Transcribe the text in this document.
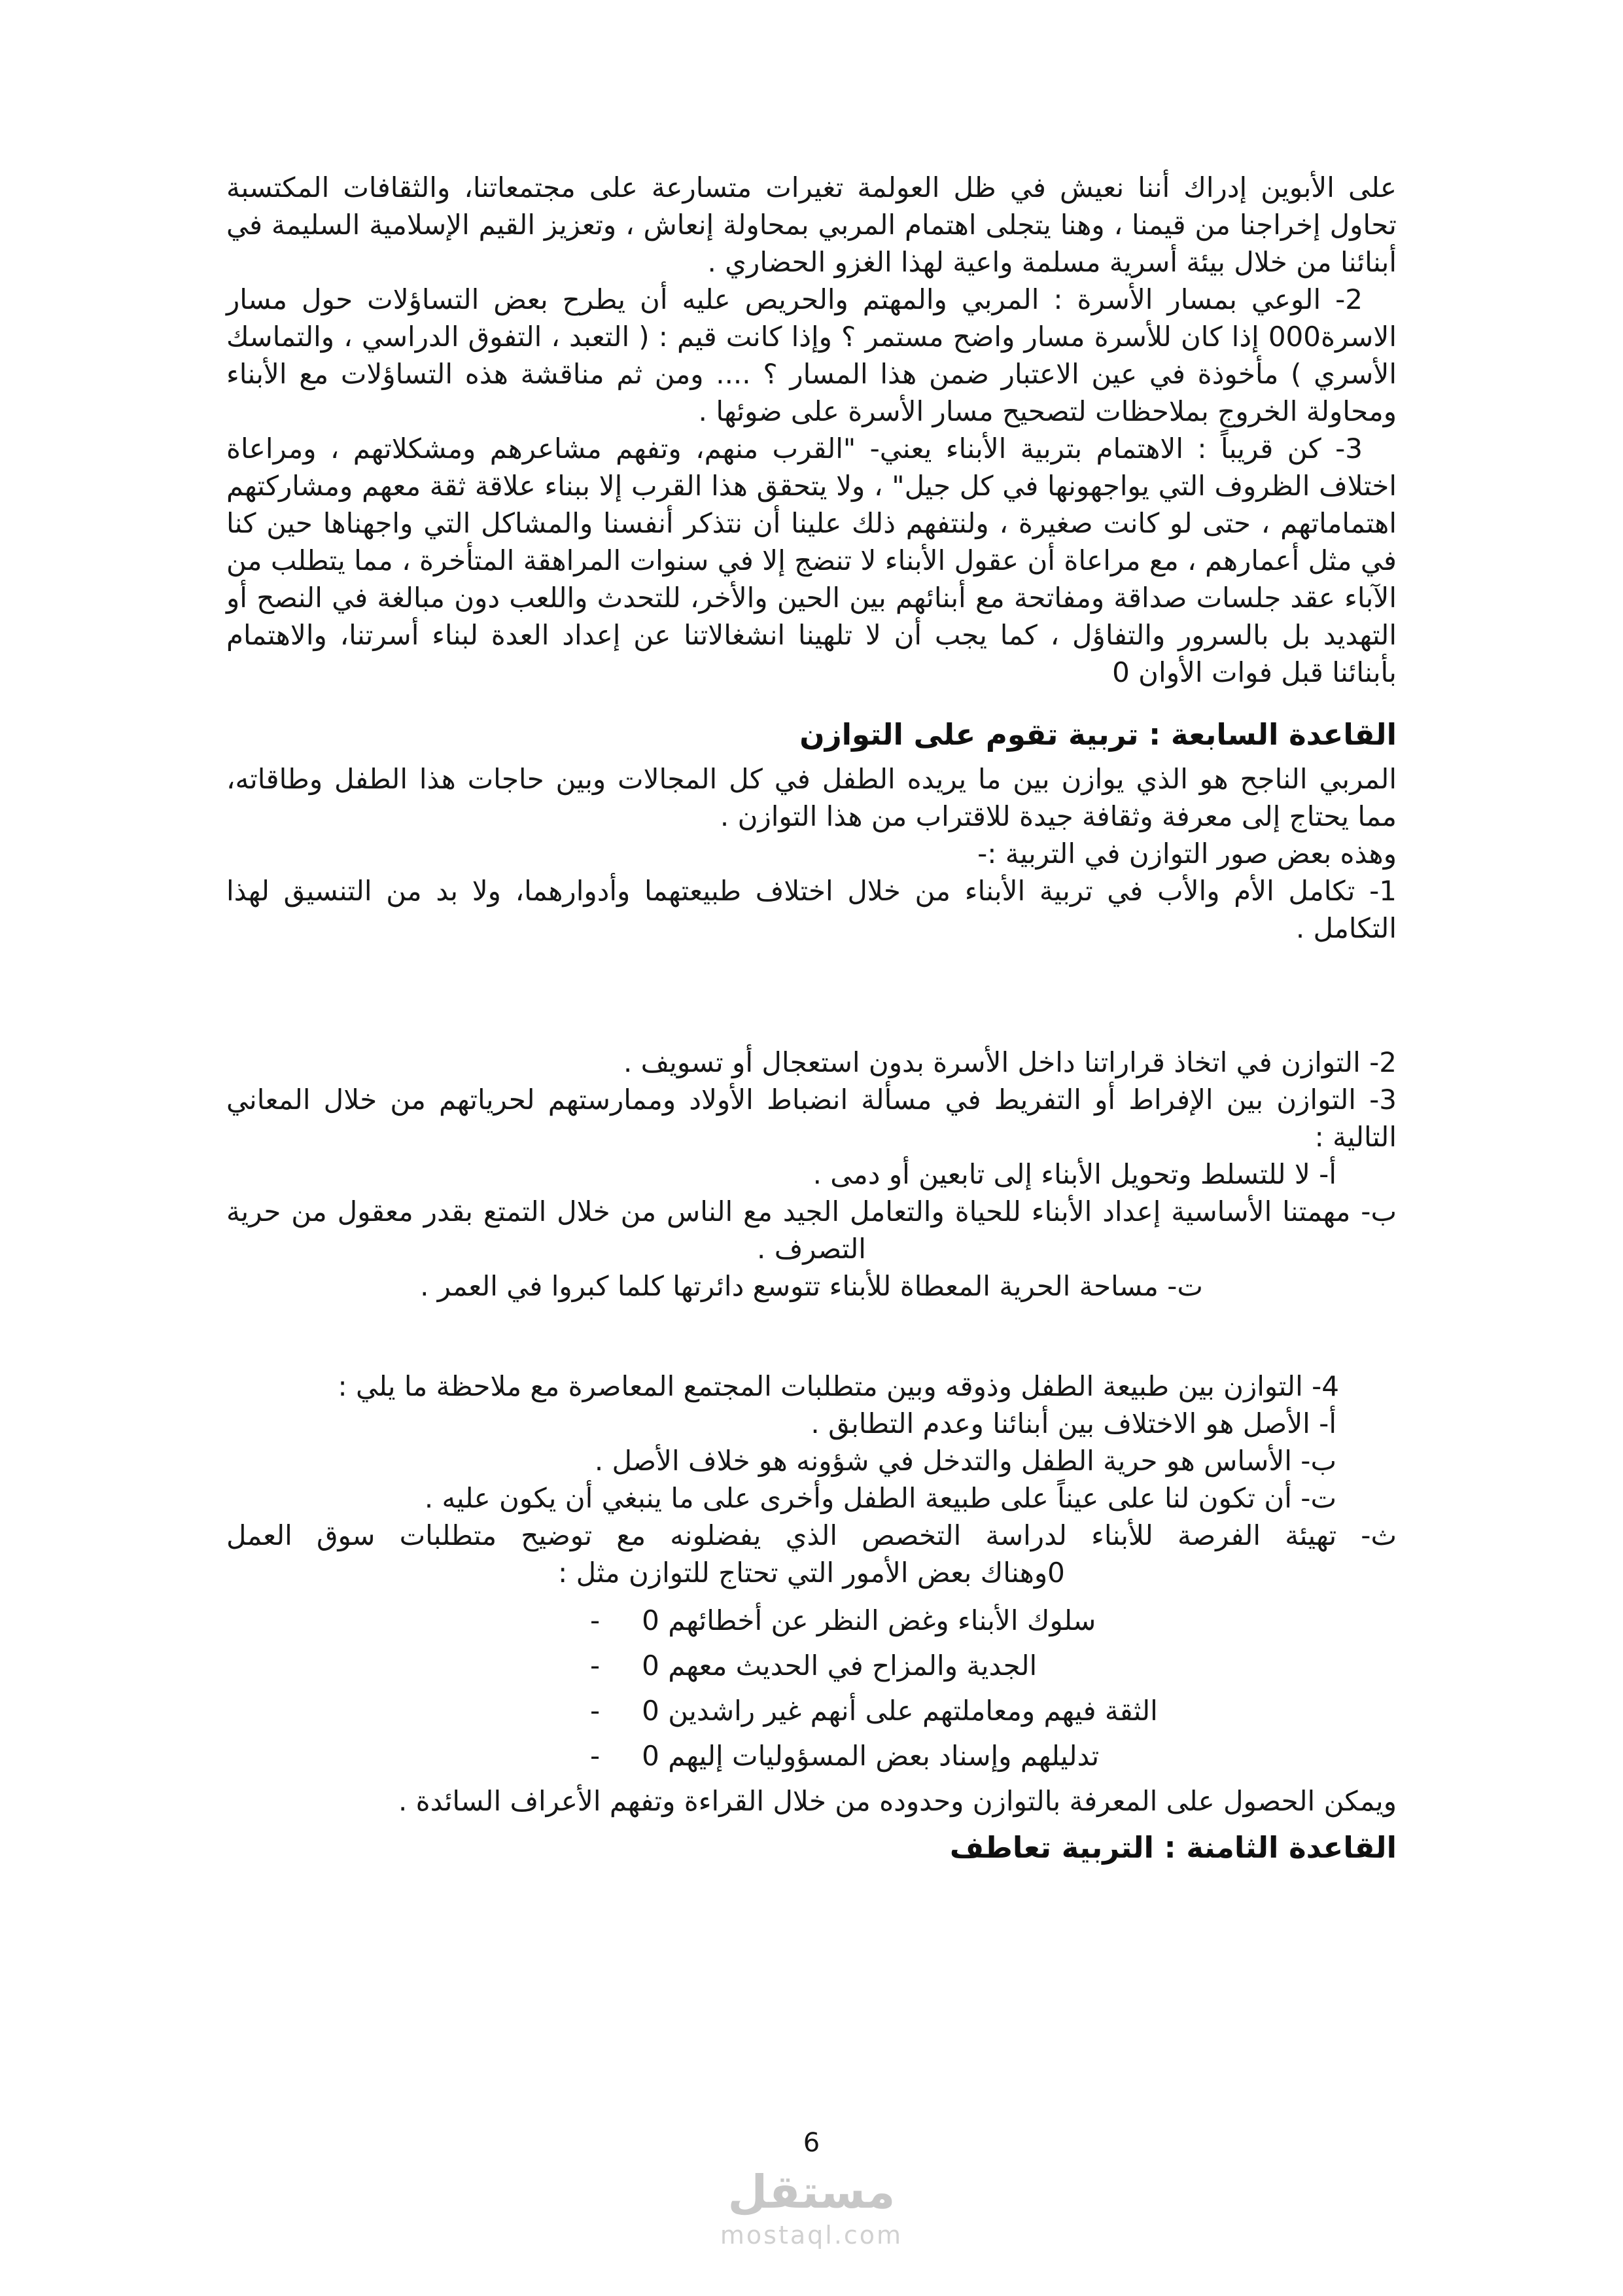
على الأبوين إدراك أننا نعيش في ظل العولمة تغيرات متسارعة على مجتمعاتنا، والثقافات المكتسبة تحاول إخراجنا من قيمنا ، وهنا يتجلى اهتمام المربي بمحاولة إنعاش ، وتعزيز القيم الإسلامية السليمة في أبنائنا من خلال بيئة أسرية مسلمة واعية لهذا الغزو الحضاري .

2- الوعي بمسار الأسرة : المربي والمهتم والحريص عليه أن يطرح بعض التساؤلات حول مسار الاسرة000 إذا كان للأسرة مسار واضح مستمر ؟ وإذا كانت قيم : ( التعبد ، التفوق الدراسي ، والتماسك الأسري ) مأخوذة في عين الاعتبار ضمن هذا المسار ؟ .... ومن ثم مناقشة هذه التساؤلات مع الأبناء ومحاولة الخروج بملاحظات لتصحيح مسار الأسرة على ضوئها .

3- كن قريباً : الاهتمام بتربية الأبناء يعني- "القرب منهم، وتفهم مشاعرهم ومشكلاتهم ، ومراعاة اختلاف الظروف التي يواجهونها في كل جيل" ، ولا يتحقق هذا القرب إلا ببناء علاقة ثقة معهم ومشاركتهم اهتماماتهم ، حتى لو كانت صغيرة ، ولنتفهم ذلك علينا أن نتذكر أنفسنا والمشاكل التي واجهناها حين كنا في مثل أعمارهم ، مع مراعاة أن عقول الأبناء لا تنضج إلا في سنوات المراهقة المتأخرة ، مما يتطلب من الآباء عقد جلسات صداقة ومفاتحة مع أبنائهم بين الحين والأخر، للتحدث واللعب دون مبالغة في النصح أو التهديد بل بالسرور والتفاؤل ، كما يجب أن لا تلهينا انشغالاتنا عن إعداد العدة لبناء أسرتنا، والاهتمام بأبنائنا قبل فوات الأوان 0

القاعدة السابعة : تربية تقوم على التوازن

المربي الناجح هو الذي يوازن بين ما يريده الطفل في كل المجالات وبين حاجات هذا الطفل وطاقاته، مما يحتاج إلى معرفة وثقافة جيدة للاقتراب من هذا التوازن .

وهذه بعض صور التوازن في التربية :-

1- تكامل الأم والأب في تربية الأبناء من خلال اختلاف طبيعتهما وأدوارهما، ولا بد من التنسيق لهذا التكامل .

2- التوازن في اتخاذ قراراتنا داخل الأسرة بدون استعجال أو تسويف .

3- التوازن بين الإفراط أو التفريط في مسألة انضباط الأولاد وممارستهم لحرياتهم من خلال المعاني التالية :

أ- لا للتسلط وتحويل الأبناء إلى تابعين أو دمى .

ب- مهمتنا الأساسية إعداد الأبناء للحياة والتعامل الجيد مع الناس من خلال التمتع بقدر معقول من حرية التصرف .

ت- مساحة الحرية المعطاة للأبناء تتوسع دائرتها كلما كبروا في العمر .

4- التوازن بين طبيعة الطفل وذوقه وبين متطلبات المجتمع المعاصرة مع ملاحظة ما يلي :

أ- الأصل هو الاختلاف بين أبنائنا وعدم التطابق .

ب- الأساس هو حرية الطفل والتدخل في شؤونه هو خلاف الأصل .

ت- أن تكون لنا على عيناً على طبيعة الطفل وأخرى على ما ينبغي أن يكون عليه .

ث- تهيئة الفرصة للأبناء لدراسة التخصص الذي يفضلونه مع توضيح متطلبات سوق العمل

0وهناك بعض الأمور التي تحتاج للتوازن مثل :

- سلوك الأبناء وغض النظر عن أخطائهم 0
- الجدية والمزاح في الحديث معهم 0
- الثقة فيهم ومعاملتهم على أنهم غير راشدين 0
- تدليلهم وإسناد بعض المسؤوليات إليهم 0

ويمكن الحصول على المعرفة بالتوازن وحدوده من خلال القراءة وتفهم الأعراف السائدة .

القاعدة الثامنة : التربية تعاطف
6
مستقل
mostaql.com
